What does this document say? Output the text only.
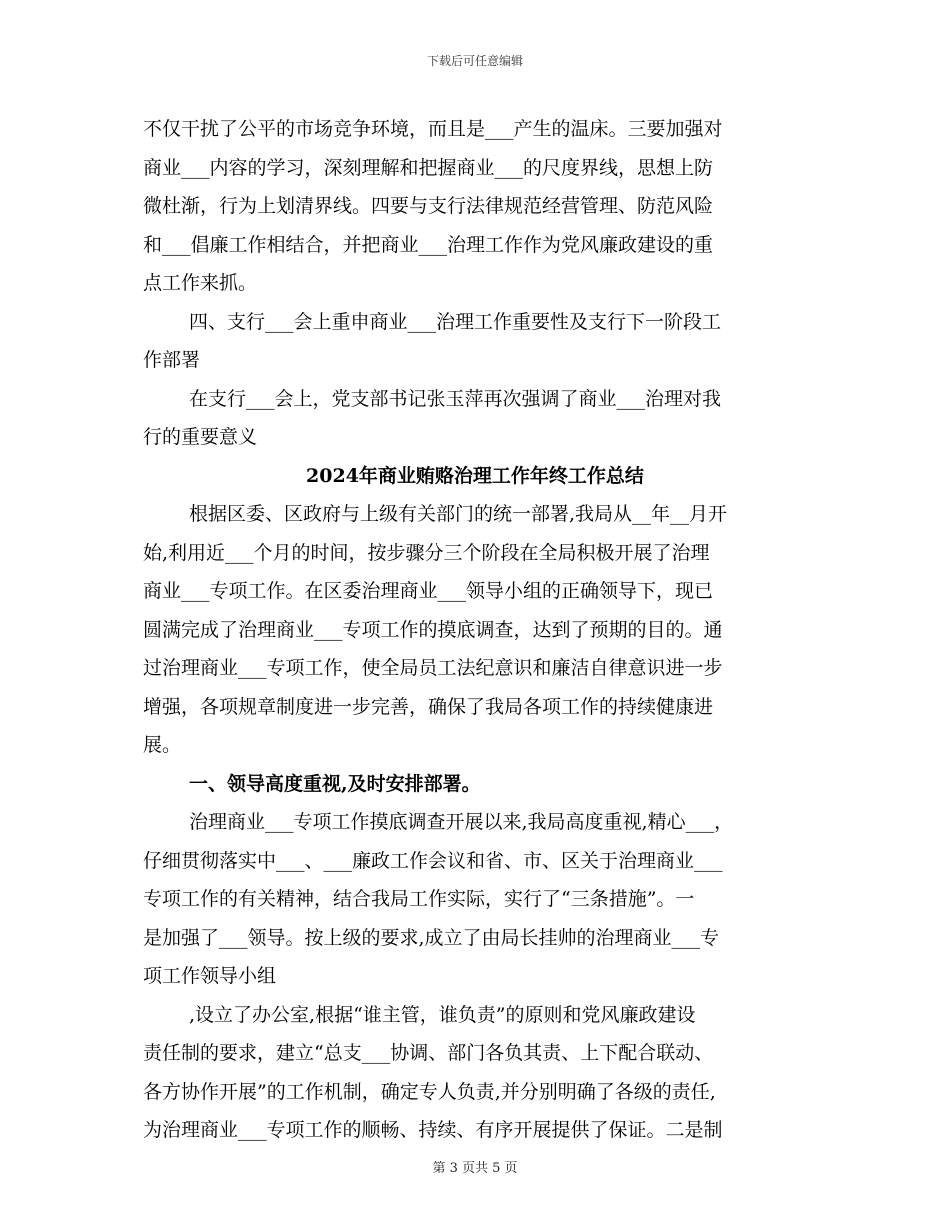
下载后可任意编辑
不仅干扰了公平的市场竞争环境，而且是___产生的温床。三要加强对
商业___内容的学习，深刻理解和把握商业___的尺度界线，思想上防
微杜渐，行为上划清界线。四要与支行法律规范经营管理、防范风险
和___倡廉工作相结合，并把商业___治理工作作为党风廉政建设的重
点工作来抓。
四、支行___会上重申商业___治理工作重要性及支行下一阶段工
作部署
在支行___会上，党支部书记张玉萍再次强调了商业___治理对我
行的重要意义
2024年商业贿赂治理工作年终工作总结
根据区委、区政府与上级有关部门的统一部署,我局从__年__月开
始,利用近___个月的时间，按步骤分三个阶段在全局积极开展了治理
商业___专项工作。在区委治理商业___领导小组的正确领导下，现已
圆满完成了治理商业___专项工作的摸底调查，达到了预期的目的。通
过治理商业___专项工作，使全局员工法纪意识和廉洁自律意识进一步
增强，各项规章制度进一步完善，确保了我局各项工作的持续健康进
展。
一、领导高度重视,及时安排部署。
治理商业___专项工作摸底调查开展以来,我局高度重视,精心___，
仔细贯彻落实中___、___廉政工作会议和省、市、区关于治理商业___
专项工作的有关精神，结合我局工作实际，实行了“三条措施”。一
是加强了___领导。按上级的要求,成立了由局长挂帅的治理商业___专
项工作领导小组
,设立了办公室,根据“谁主管，谁负责”的原则和党风廉政建设
责任制的要求，建立“总支___协调、部门各负其责、上下配合联动、
各方协作开展”的工作机制，确定专人负责,并分别明确了各级的责任,
为治理商业___专项工作的顺畅、持续、有序开展提供了保证。二是制
第 3 页共 5 页
